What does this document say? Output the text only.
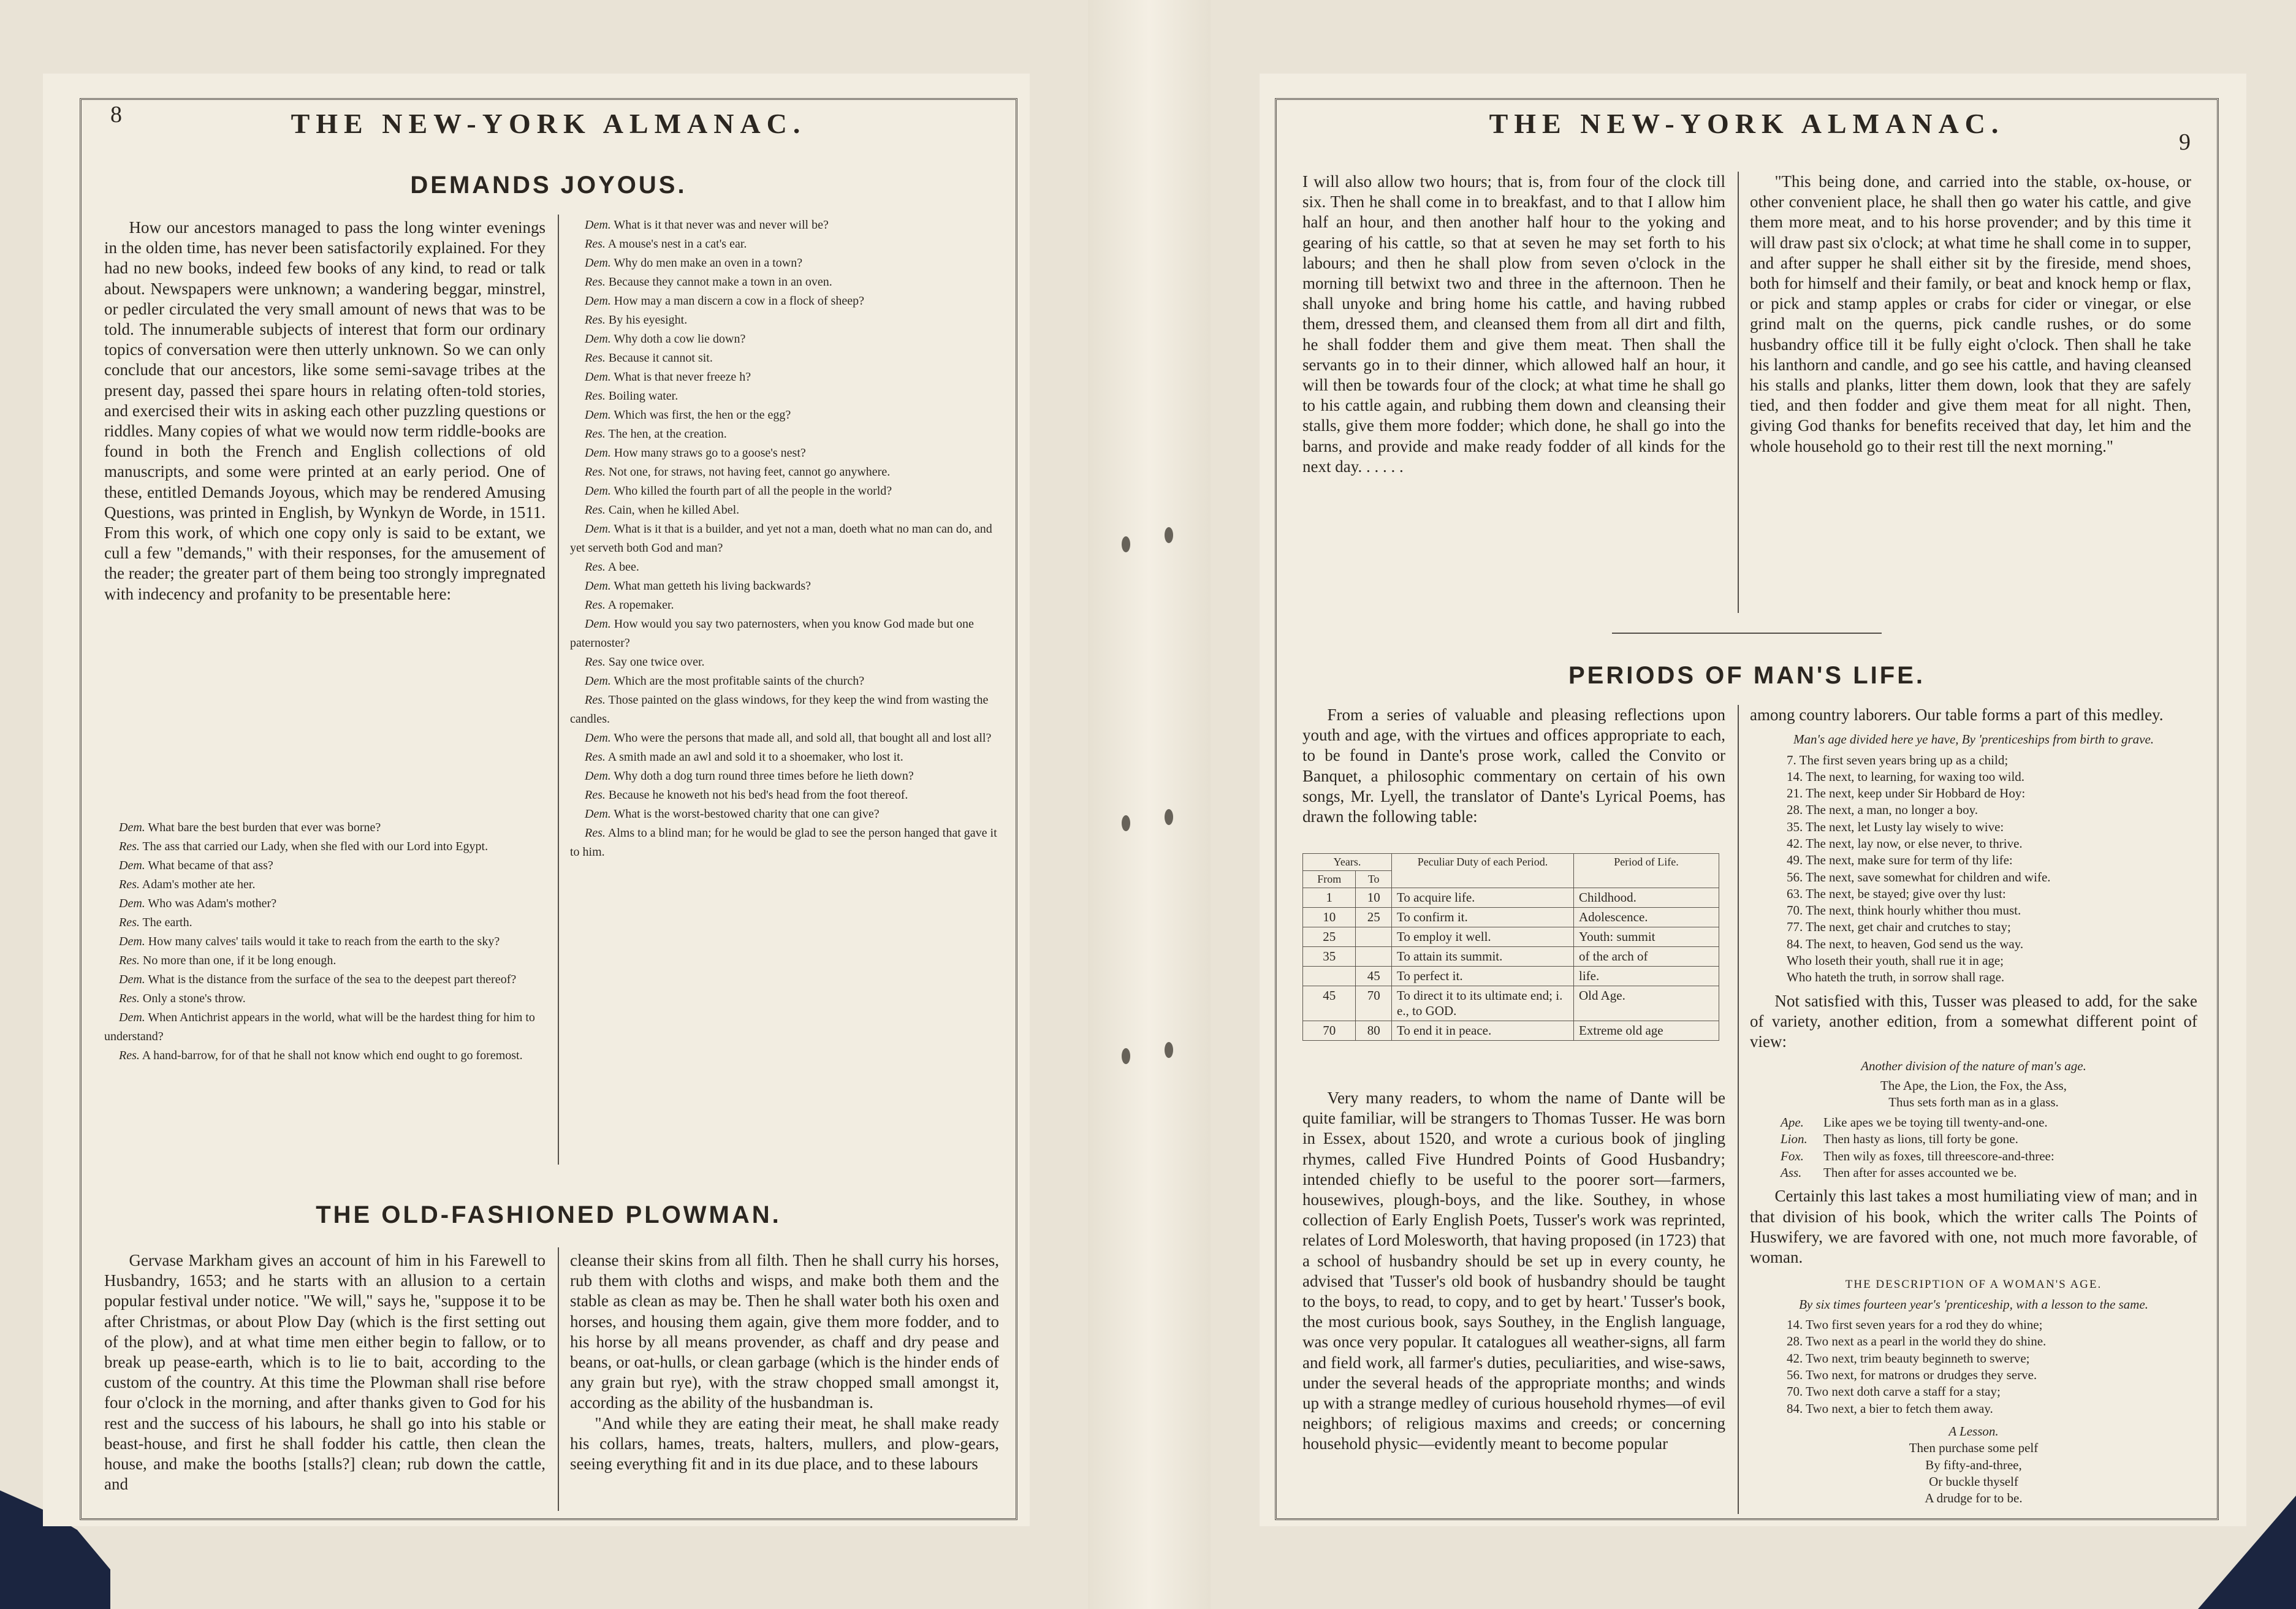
8	THE NEW-YORK ALMANAC.
DEMANDS JOYOUS.

How our ancestors managed to pass the long winter evenings in the olden time, has never been satisfactorily explained. For they had no new books, indeed few books of any kind, to read or talk about. Newspapers were unknown; a wandering beggar, minstrel, or pedler circulated the very small amount of news that was to be told. The innumerable subjects of interest that form our ordinary topics of conversation were then utterly unknown. So we can only conclude that our ancestors, like some semi-savage tribes at the present day, passed thei spare hours in relating often-told stories, and exercised their wits in asking each other puzzling questions or riddles. Many copies of what we would now term riddle-books are found in both the French and English collections of old manuscripts, and some were printed at an early period. One of these, entitled Demands Joyous, which may be rendered Amusing Questions, was printed in English, by Wynkyn de Worde, in 1511. From this work, of which one copy only is said to be extant, we cull a few "demands," with their responses, for the amusement of the reader; the greater part of them being too strongly impregnated with indecency and profanity to be presentable here:

Dem. What bare the best burden that ever was borne?
Res. The ass that carried our Lady, when she fled with our Lord into Egypt.
Dem. What became of that ass?
Res. Adam's mother ate her.
Dem. Who was Adam's mother?
Res. The earth.
Dem. How many calves' tails would it take to reach from the earth to the sky?
Res. No more than one, if it be long enough.
Dem. What is the distance from the surface of the sea to the deepest part thereof?
Res. Only a stone's throw.
Dem. When Antichrist appears in the world, what will be the hardest thing for him to understand?
Res. A hand-barrow, for of that he shall not know which end ought to go foremost.
Dem. What is it that never was and never will be?
Res. A mouse's nest in a cat's ear.
Dem. Why do men make an oven in a town?
Res. Because they cannot make a town in an oven.
Dem. How may a man discern a cow in a flock of sheep?
Res. By his eyesight.
Dem. Why doth a cow lie down?
Res. Because it cannot sit.
Dem. What is that never freeze h?
Res. Boiling water.
Dem. Which was first, the hen or the egg?
Res. The hen, at the creation.
Dem. How many straws go to a goose's nest?
Res. Not one, for straws, not having feet, cannot go anywhere.
Dem. Who killed the fourth part of all the people in the world?
Res. Cain, when he killed Abel.
Dem. What is it that is a builder, and yet not a man, doeth what no man can do, and yet serveth both God and man?
Res. A bee.
Dem. What man getteth his living backwards?
Res. A ropemaker.
Dem. How would you say two paternosters, when you know God made but one paternoster?
Res. Say one twice over.
Dem. Which are the most profitable saints of the church?
Res. Those painted on the glass windows, for they keep the wind from wasting the candles.
Dem. Who were the persons that made all, and sold all, that bought all and lost all?
Res. A smith made an awl and sold it to a shoemaker, who lost it.
Dem. Why doth a dog turn round three times before he lieth down?
Res. Because he knoweth not his bed's head from the foot thereof.
Dem. What is the worst-bestowed charity that one can give?
Res. Alms to a blind man; for he would be glad to see the person hanged that gave it to him.
THE OLD-FASHIONED PLOWMAN.

Gervase Markham gives an account of him in his Farewell to Husbandry, 1653; and he starts with an allusion to a certain popular festival under notice. "We will," says he, "suppose it to be after Christmas, or about Plow Day (which is the first setting out of the plow), and at what time men either begin to fallow, or to break up pease-earth, which is to lie to bait, according to the custom of the country. At this time the Plowman shall rise before four o'clock in the morning, and after thanks given to God for his rest and the success of his labours, he shall go into his stable or beast-house, and first he shall fodder his cattle, then clean the house, and make the booths [stalls?] clean; rub down the cattle, and

cleanse their skins from all filth. Then he shall curry his horses, rub them with cloths and wisps, and make both them and the stable as clean as may be. Then he shall water both his oxen and horses, and housing them again, give them more fodder, and to his horse by all means provender, as chaff and dry pease and beans, or oat-hulls, or clean garbage (which is the hinder ends of any grain but rye), with the straw chopped small amongst it, according as the ability of the husbandman is.

"And while they are eating their meat, he shall make ready his collars, hames, treats, halters, mullers, and plow-gears, seeing everything fit and in its due place, and to these labours

THE NEW-YORK ALMANAC.
9

I will also allow two hours; that is, from four of the clock till six. Then he shall come in to breakfast, and to that I allow him half an hour, and then another half hour to the yoking and gearing of his cattle, so that at seven he may set forth to his labours; and then he shall plow from seven o'clock in the morning till betwixt two and three in the afternoon. Then he shall unyoke and bring home his cattle, and having rubbed them, dressed them, and cleansed them from all dirt and filth, he shall fodder them and give them meat. Then shall the servants go in to their dinner, which allowed half an hour, it will then be towards four of the clock; at what time he shall go to his cattle again, and rubbing them down and cleansing their stalls, give them more fodder; which done, he shall go into the barns, and provide and make ready fodder of all kinds for the next day. . . . . .

"This being done, and carried into the stable, ox-house, or other convenient place, he shall then go water his cattle, and give them more meat, and to his horse provender; and by this time it will draw past six o'clock; at what time he shall come in to supper, and after supper he shall either sit by the fireside, mend shoes, both for himself and their family, or beat and knock hemp or flax, or pick and stamp apples or crabs for cider or vinegar, or else grind malt on the querns, pick candle rushes, or do some husbandry office till it be fully eight o'clock. Then shall he take his lanthorn and candle, and go see his cattle, and having cleansed his stalls and planks, litter them down, look that they are safely tied, and then fodder and give them meat for all night. Then, giving God thanks for benefits received that day, let him and the whole household go to their rest till the next morning."

PERIODS OF MAN'S LIFE.

From a series of valuable and pleasing reflections upon youth and age, with the virtues and offices appropriate to each, to be found in Dante's prose work, called the Convito or Banquet, a philosophic commentary on certain of his own songs, Mr. Lyell, the translator of Dante's Lyrical Poems, has drawn the following table:

Years.		Peculiar Duty of each Period.	Period of Life.
From	To		
1	10	To acquire life.	Childhood.
10	25	To confirm it.	Adolescence.
25		To employ it well.	Youth: summit
35		To attain its summit.	of the arch of
	45	To perfect it.	life.
45	70	To direct it to its ultimate end; i. e., to GOD.	Old Age.
70	80	To end it in peace.	Extreme old age

Very many readers, to whom the name of Dante will be quite familiar, will be strangers to Thomas Tusser. He was born in Essex, about 1520, and wrote a curious book of jingling rhymes, called Five Hundred Points of Good Husbandry; intended chiefly to be useful to the poorer sort—farmers, housewives, plough-boys, and the like. Southey, in whose collection of Early English Poets, Tusser's work was reprinted, relates of Lord Molesworth, that having proposed (in 1723) that a school of husbandry should be set up in every county, he advised that 'Tusser's old book of husbandry should be taught to the boys, to read, to copy, and to get by heart.' Tusser's book, the most curious book, says Southey, in the English language, was once very popular. It catalogues all weather-signs, all farm and field work, all farmer's duties, peculiarities, and wise-saws, under the several heads of the appropriate months; and winds up with a strange medley of curious household rhymes—of evil neighbors; of religious maxims and creeds; or concerning household physic—evidently meant to become popular

among country laborers. Our table forms a part of this medley.

Man's age divided here ye have, By 'prenticeships from birth to grave.
7. The first seven years bring up as a child;
14. The next, to learning, for waxing too wild.
21. The next, keep under Sir Hobbard de Hoy:
28. The next, a man, no longer a boy.
35. The next, let Lusty lay wisely to wive:
42. The next, lay now, or else never, to thrive.
49. The next, make sure for term of thy life:
56. The next, save somewhat for children and wife.
63. The next, be stayed; give over thy lust:
70. The next, think hourly whither thou must.
77. The next, get chair and crutches to stay;
84. The next, to heaven, God send us the way.
Who loseth their youth, shall rue it in age;
Who hateth the truth, in sorrow shall rage.

Not satisfied with this, Tusser was pleased to add, for the sake of variety, another edition, from a somewhat different point of view:

Another division of the nature of man's age.
The Ape, the Lion, the Fox, the Ass,
Thus sets forth man as in a glass.
Ape. Like apes we be toying till twenty-and-one.
Lion. Then hasty as lions, till forty be gone.
Fox. Then wily as foxes, till threescore-and-three:
Ass. Then after for asses accounted we be.

Certainly this last takes a most humiliating view of man; and in that division of his book, which the writer calls The Points of Huswifery, we are favored with one, not much more favorable, of woman.

THE DESCRIPTION OF A WOMAN'S AGE.
By six times fourteen year's 'prenticeship, with a lesson to the same.
14. Two first seven years for a rod they do whine;
28. Two next as a pearl in the world they do shine.
42. Two next, trim beauty beginneth to swerve;
56. Two next, for matrons or drudges they serve.
70. Two next doth carve a staff for a stay;
84. Two next, a bier to fetch them away.
A Lesson.
Then purchase some pelf
By fifty-and-three,
Or buckle thyself
A drudge for to be.
